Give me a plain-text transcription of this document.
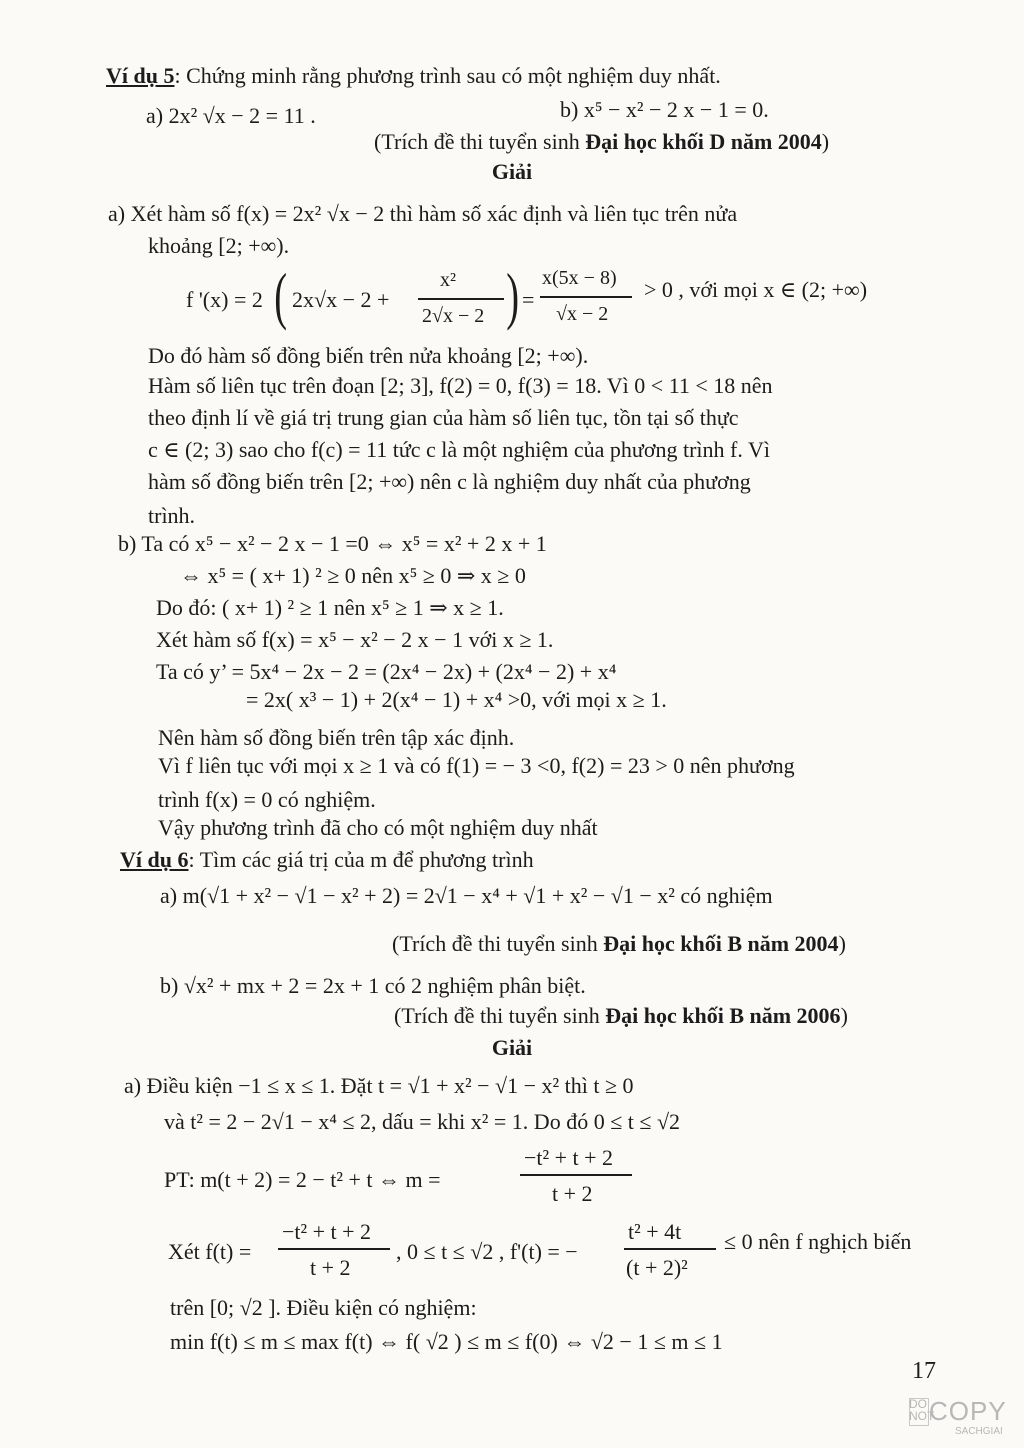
Ví dụ 5: Chứng minh rằng phương trình sau có một nghiệm duy nhất.
a) 2x² √x − 2 = 11 .	b) x⁵ − x² − 2 x − 1 = 0.
(Trích đề thi tuyển sinh Đại học khối D năm 2004)
Giải
a) Xét hàm số f(x) = 2x² √x − 2 thì hàm số xác định và liên tục trên nửa
khoảng [2; +∞).
f '(x) = 2 ( 2x√x − 2 +
x²
2√x − 2 ) =
x(5x − 8)
√x − 2
> 0 , với mọi x ∈ (2; +∞)
Do đó hàm số đồng biến trên nửa khoảng [2; +∞).
Hàm số liên tục trên đoạn [2; 3], f(2) = 0, f(3) = 18. Vì 0 < 11 < 18 nên
theo định lí về giá trị trung gian của hàm số liên tục, tồn tại số thực
c ∈ (2; 3) sao cho f(c) = 11 tức c là một nghiệm của phương trình f. Vì
hàm số đồng biến trên [2; +∞) nên c là nghiệm duy nhất của phương
trình.
b) Ta có x⁵ − x² − 2 x − 1 =0 ⇔ x⁵ = x² + 2 x + 1
⇔ x⁵ = ( x+ 1) ² ≥ 0 nên x⁵ ≥ 0 ⇒ x ≥ 0
Do đó: ( x+ 1) ² ≥ 1 nên x⁵ ≥ 1 ⇒ x ≥ 1.
Xét hàm số f(x) = x⁵ − x² − 2 x − 1 với x ≥ 1.
Ta có y’ = 5x⁴ − 2x − 2 = (2x⁴ − 2x) + (2x⁴ − 2) + x⁴
= 2x( x³ − 1) + 2(x⁴ − 1) + x⁴ >0, với mọi x ≥ 1.
Nên hàm số đồng biến trên tập xác định.
Vì f liên tục với mọi x ≥ 1 và có f(1) = − 3 <0, f(2) = 23 > 0 nên phương
trình f(x) = 0 có nghiệm.
Vậy phương trình đã cho có một nghiệm duy nhất
Ví dụ 6: Tìm các giá trị của m để phương trình
a) m(√1 + x² − √1 − x² + 2) = 2√1 − x⁴ + √1 + x² − √1 − x² có nghiệm
(Trích đề thi tuyển sinh Đại học khối B năm 2004)
b) √x² + mx + 2 = 2x + 1 có 2 nghiệm phân biệt.
(Trích đề thi tuyển sinh Đại học khối B năm 2006)
Giải
a) Điều kiện −1 ≤ x ≤ 1. Đặt t = √1 + x² − √1 − x² thì t ≥ 0
và t² = 2 − 2√1 − x⁴ ≤ 2, dấu = khi x² = 1. Do đó 0 ≤ t ≤ √2
PT: m(t + 2) = 2 − t² + t ⇔ m =
−t² + t + 2
t + 2
Xét f(t) =
−t² + t + 2
t + 2
, 0 ≤ t ≤ √2 , f'(t) = −
t² + 4t
(t + 2)²
≤ 0 nên f nghịch biến
trên [0; √2 ]. Điều kiện có nghiệm:
min f(t) ≤ m ≤ max f(t) ⇔ f( √2 ) ≤ m ≤ f(0) ⇔ √2 − 1 ≤ m ≤ 1
17
DO
NOT
COPY
SACHGIAI
